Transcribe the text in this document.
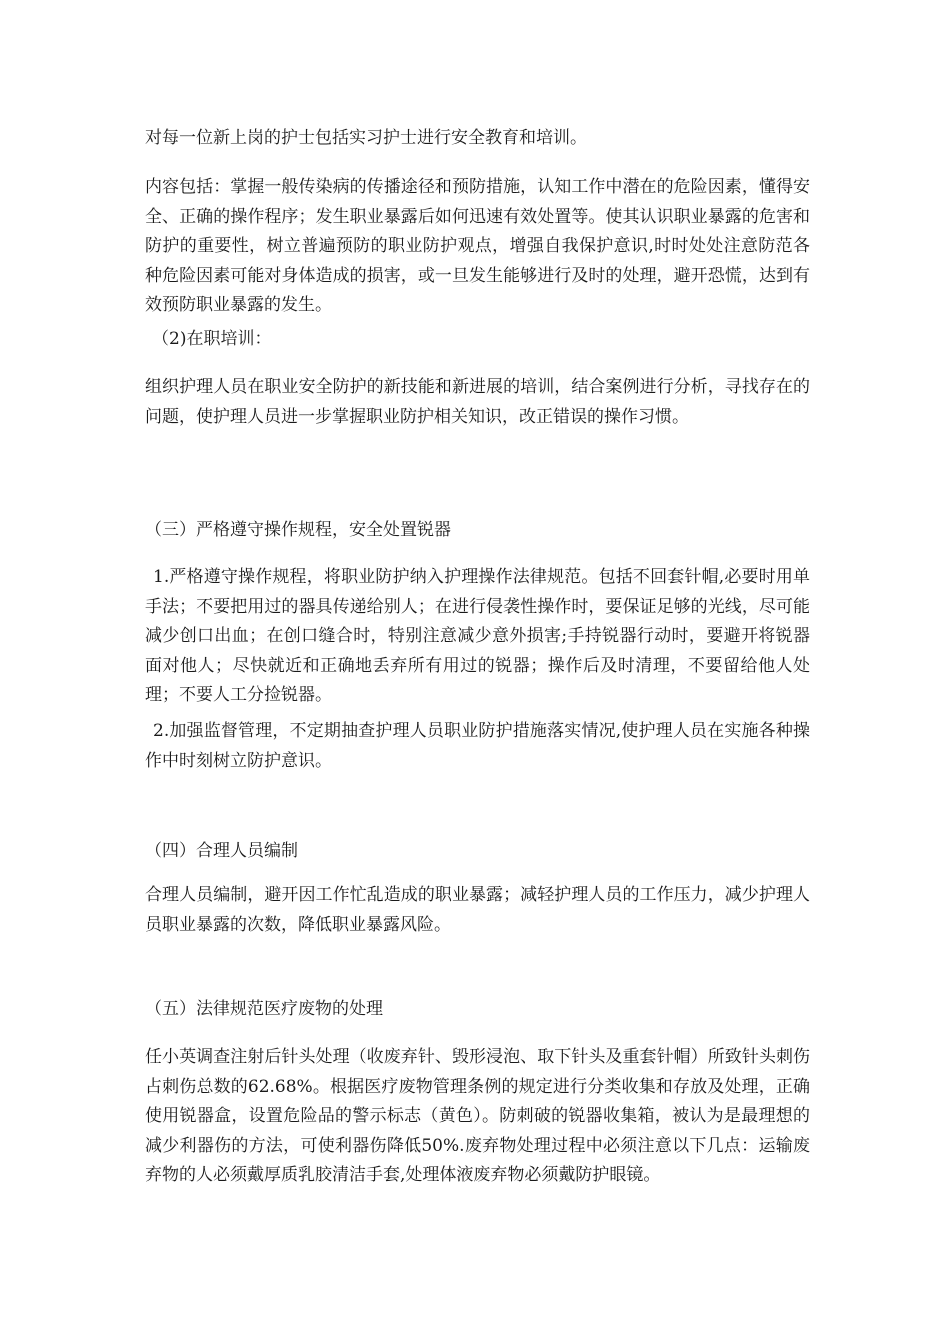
对每一位新上岗的护士包括实习护士进行安全教育和培训。

内容包括：掌握一般传染病的传播途径和预防措施，认知工作中潜在的危险因素，懂得安全、正确的操作程序；发生职业暴露后如何迅速有效处置等。使其认识职业暴露的危害和防护的重要性，树立普遍预防的职业防护观点，增强自我保护意识,时时处处注意防范各种危险因素可能对身体造成的损害，或一旦发生能够进行及时的处理，避开恐慌，达到有效预防职业暴露的发生。

（2)在职培训：

组织护理人员在职业安全防护的新技能和新进展的培训，结合案例进行分析，寻找存在的问题，使护理人员进一步掌握职业防护相关知识，改正错误的操作习惯。

（三）严格遵守操作规程，安全处置锐器

1.严格遵守操作规程，将职业防护纳入护理操作法律规范。包括不回套针帽,必要时用单手法；不要把用过的器具传递给别人；在进行侵袭性操作时，要保证足够的光线，尽可能减少创口出血；在创口缝合时，特别注意减少意外损害;手持锐器行动时，要避开将锐器面对他人；尽快就近和正确地丢弃所有用过的锐器；操作后及时清理，不要留给他人处理；不要人工分捡锐器。

2.加强监督管理，不定期抽查护理人员职业防护措施落实情况,使护理人员在实施各种操作中时刻树立防护意识。

（四）合理人员编制

合理人员编制，避开因工作忙乱造成的职业暴露；减轻护理人员的工作压力，减少护理人员职业暴露的次数，降低职业暴露风险。

（五）法律规范医疗废物的处理

任小英调查注射后针头处理（收废弃针、毁形浸泡、取下针头及重套针帽）所致针头刺伤占刺伤总数的62.68%。根据医疗废物管理条例的规定进行分类收集和存放及处理，正确使用锐器盒，设置危险品的警示标志（黄色）。防刺破的锐器收集箱，被认为是最理想的减少利器伤的方法，可使利器伤降低50%.废弃物处理过程中必须注意以下几点：运输废弃物的人必须戴厚质乳胶清洁手套,处理体液废弃物必须戴防护眼镜。
